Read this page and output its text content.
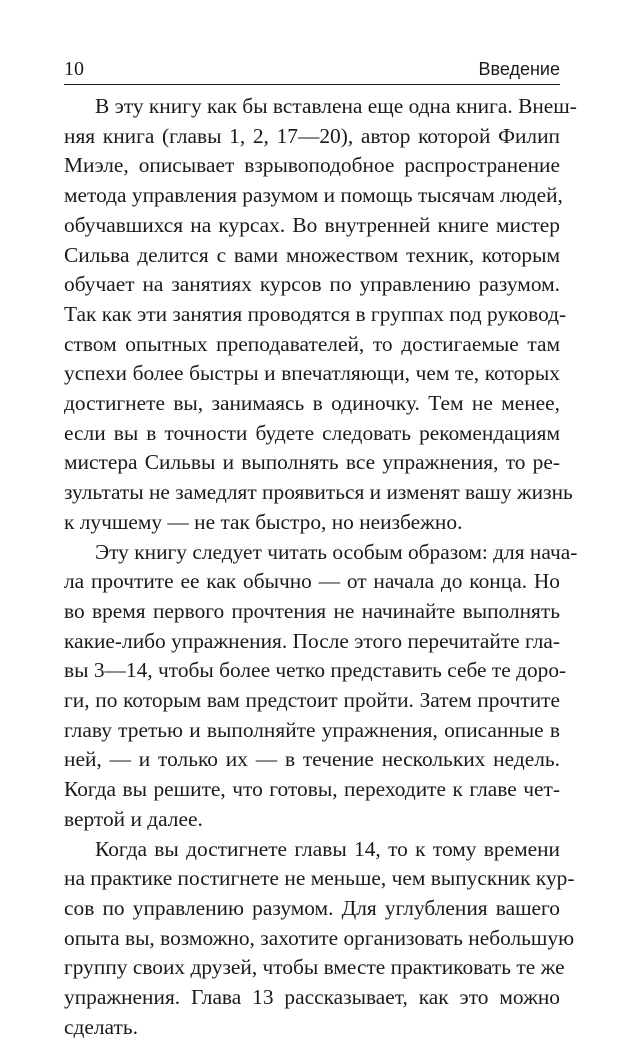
10	Введение
В эту книгу как бы вставлена еще одна книга. Внеш-
няя книга (главы 1, 2, 17—20), автор которой Филип
Миэле, описывает взрывоподобное распространение
метода управления разумом и помощь тысячам людей,
обучавшихся на курсах. Во внутренней книге мистер
Сильва делится с вами множеством техник, которым
обучает на занятиях курсов по управлению разумом.
Так как эти занятия проводятся в группах под руковод-
ством опытных преподавателей, то достигаемые там
успехи более быстры и впечатляющи, чем те, которых
достигнете вы, занимаясь в одиночку. Тем не менее,
если вы в точности будете следовать рекомендациям
мистера Сильвы и выполнять все упражнения, то ре-
зультаты не замедлят проявиться и изменят вашу жизнь
к лучшему — не так быстро, но неизбежно.
Эту книгу следует читать особым образом: для нача-
ла прочтите ее как обычно — от начала до конца. Но
во время первого прочтения не начинайте выполнять
какие-либо упражнения. После этого перечитайте гла-
вы 3—14, чтобы более четко представить себе те доро-
ги, по которым вам предстоит пройти. Затем прочтите
главу третью и выполняйте упражнения, описанные в
ней, — и только их — в течение нескольких недель.
Когда вы решите, что готовы, переходите к главе чет-
вертой и далее.
Когда вы достигнете главы 14, то к тому времени
на практике постигнете не меньше, чем выпускник кур-
сов по управлению разумом. Для углубления вашего
опыта вы, возможно, захотите организовать небольшую
группу своих друзей, чтобы вместе практиковать те же
упражнения. Глава 13 рассказывает, как это можно
сделать.
